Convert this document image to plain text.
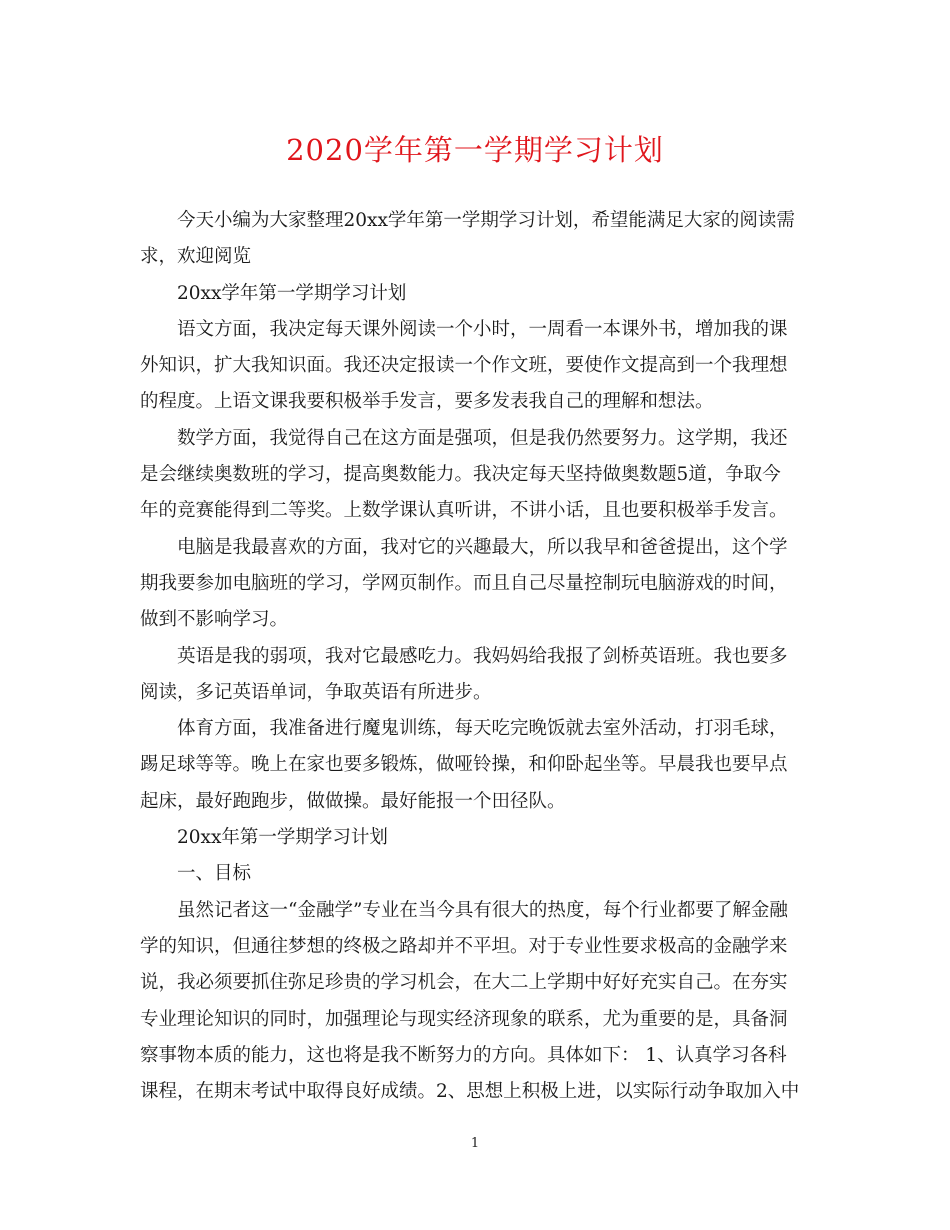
2020学年第一学期学习计划

今天小编为大家整理20xx学年第一学期学习计划，希望能满足大家的阅读需
求，欢迎阅览

20xx学年第一学期学习计划

语文方面，我决定每天课外阅读一个小时，一周看一本课外书，增加我的课
外知识，扩大我知识面。我还决定报读一个作文班，要使作文提高到一个我理想
的程度。上语文课我要积极举手发言，要多发表我自己的理解和想法。

数学方面，我觉得自己在这方面是强项，但是我仍然要努力。这学期，我还
是会继续奥数班的学习，提高奥数能力。我决定每天坚持做奥数题5道，争取今
年的竞赛能得到二等奖。上数学课认真听讲，不讲小话，且也要积极举手发言。

电脑是我最喜欢的方面，我对它的兴趣最大，所以我早和爸爸提出，这个学
期我要参加电脑班的学习，学网页制作。而且自己尽量控制玩电脑游戏的时间，
做到不影响学习。

英语是我的弱项，我对它最感吃力。我妈妈给我报了剑桥英语班。我也要多
阅读，多记英语单词，争取英语有所进步。

体育方面，我准备进行魔鬼训练，每天吃完晚饭就去室外活动，打羽毛球，
踢足球等等。晚上在家也要多锻炼，做哑铃操，和仰卧起坐等。早晨我也要早点
起床，最好跑跑步，做做操。最好能报一个田径队。

20xx年第一学期学习计划

一、目标

虽然记者这一“金融学”专业在当今具有很大的热度，每个行业都要了解金融
学的知识，但通往梦想的终极之路却并不平坦。对于专业性要求极高的金融学来
说，我必须要抓住弥足珍贵的学习机会，在大二上学期中好好充实自己。在夯实
专业理论知识的同时，加强理论与现实经济现象的联系，尤为重要的是，具备洞
察事物本质的能力，这也将是我不断努力的方向。具体如下： 1、认真学习各科
课程，在期末考试中取得良好成绩。2、思想上积极上进，以实际行动争取加入中

1
